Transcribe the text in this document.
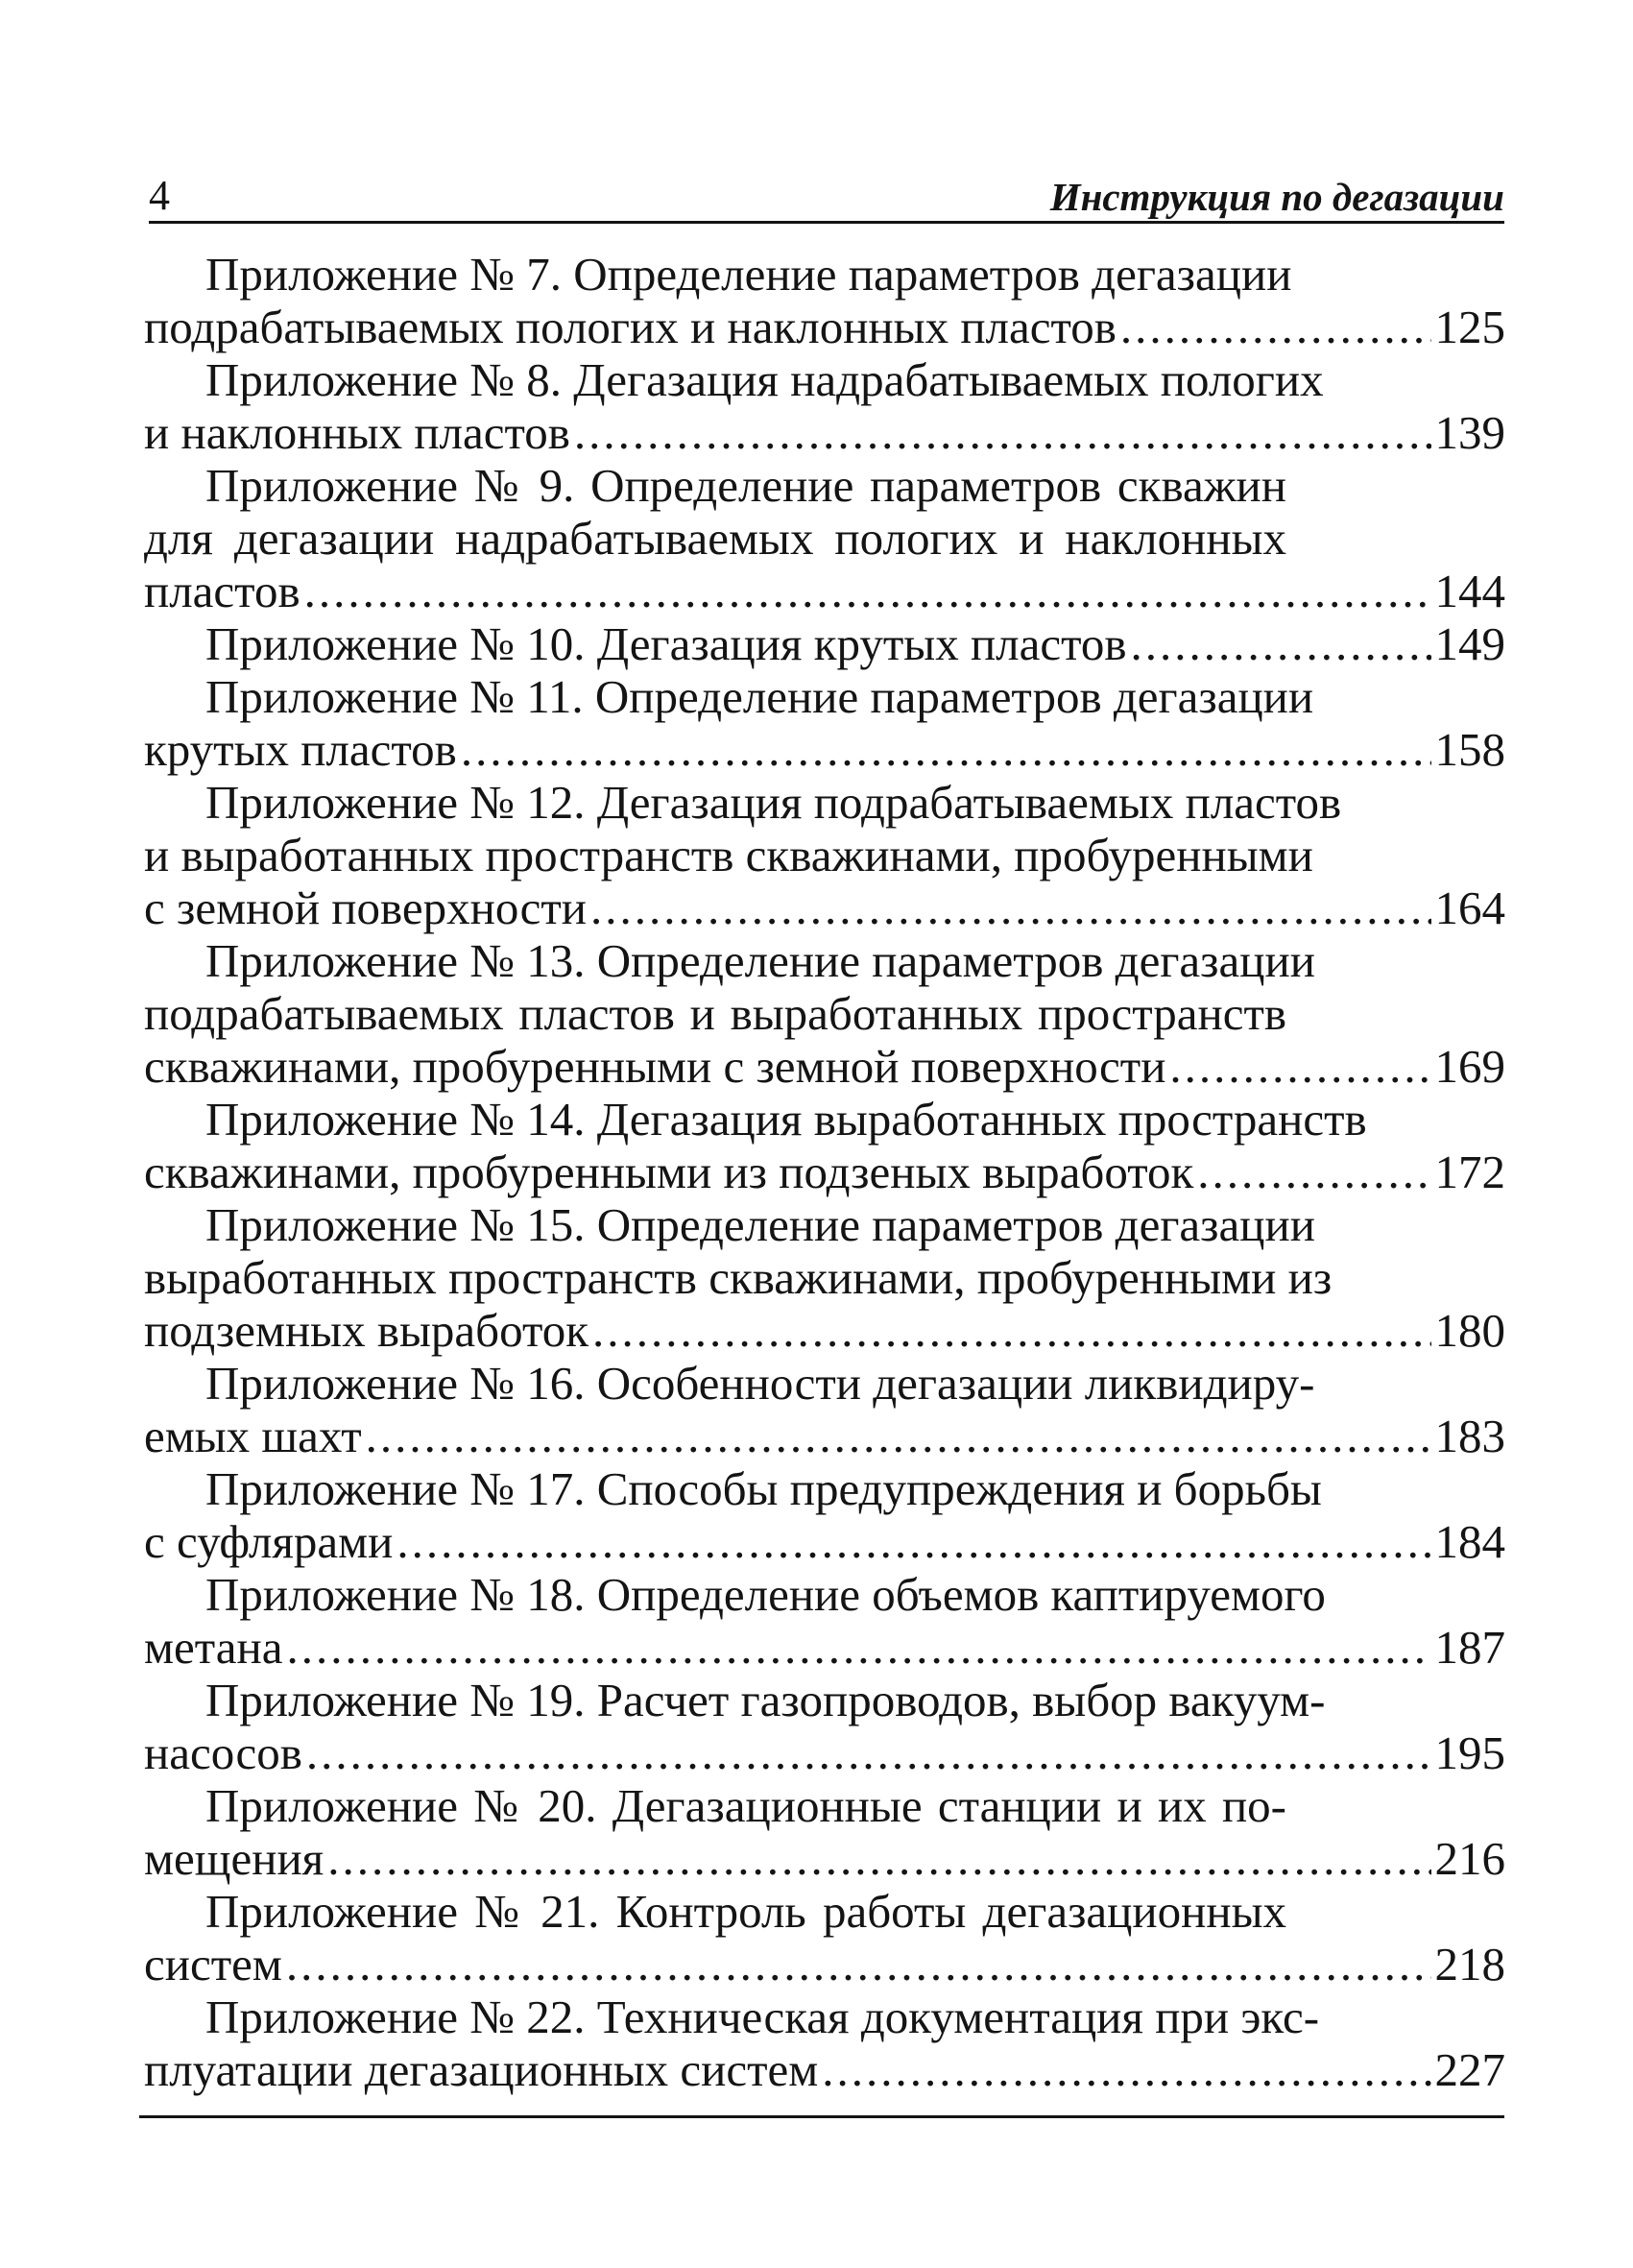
4	Инструкция по дегазации
Приложение № 7. Определение параметров дегазации
подрабатываемых пологих и наклонных пластов .....	125
Приложение № 8. Дегазация надрабатываемых пологих
и наклонных пластов .....	139
Приложение № 9. Определение параметров скважин
для дегазации надрабатываемых пологих и наклонных
пластов .....	144
Приложение № 10. Дегазация крутых пластов .....	149
Приложение № 11. Определение параметров дегазации
крутых пластов .....	158
Приложение № 12. Дегазация подрабатываемых пластов
и выработанных пространств скважинами, пробуренными
с земной поверхности .....	164
Приложение № 13. Определение параметров дегазации
подрабатываемых пластов и выработанных пространств
скважинами, пробуренными с земной поверхности .....	169
Приложение № 14. Дегазация выработанных пространств
скважинами, пробуренными из подзеных выработок .....	172
Приложение № 15. Определение параметров дегазации
выработанных пространств скважинами, пробуренными из
подземных выработок .....	180
Приложение № 16. Особенности дегазации ликвидиру-
емых шахт .....	183
Приложение № 17. Способы предупреждения и борьбы
с суфлярами .....	184
Приложение № 18. Определение объемов каптируемого
метана .....	187
Приложение № 19. Расчет газопроводов, выбор вакуум-
насосов .....	195
Приложение № 20. Дегазационные станции и их по-
мещения .....	216
Приложение № 21. Контроль работы дегазационных
систем .....	218
Приложение № 22. Техническая документация при экс-
плуатации дегазационных систем .....	227
